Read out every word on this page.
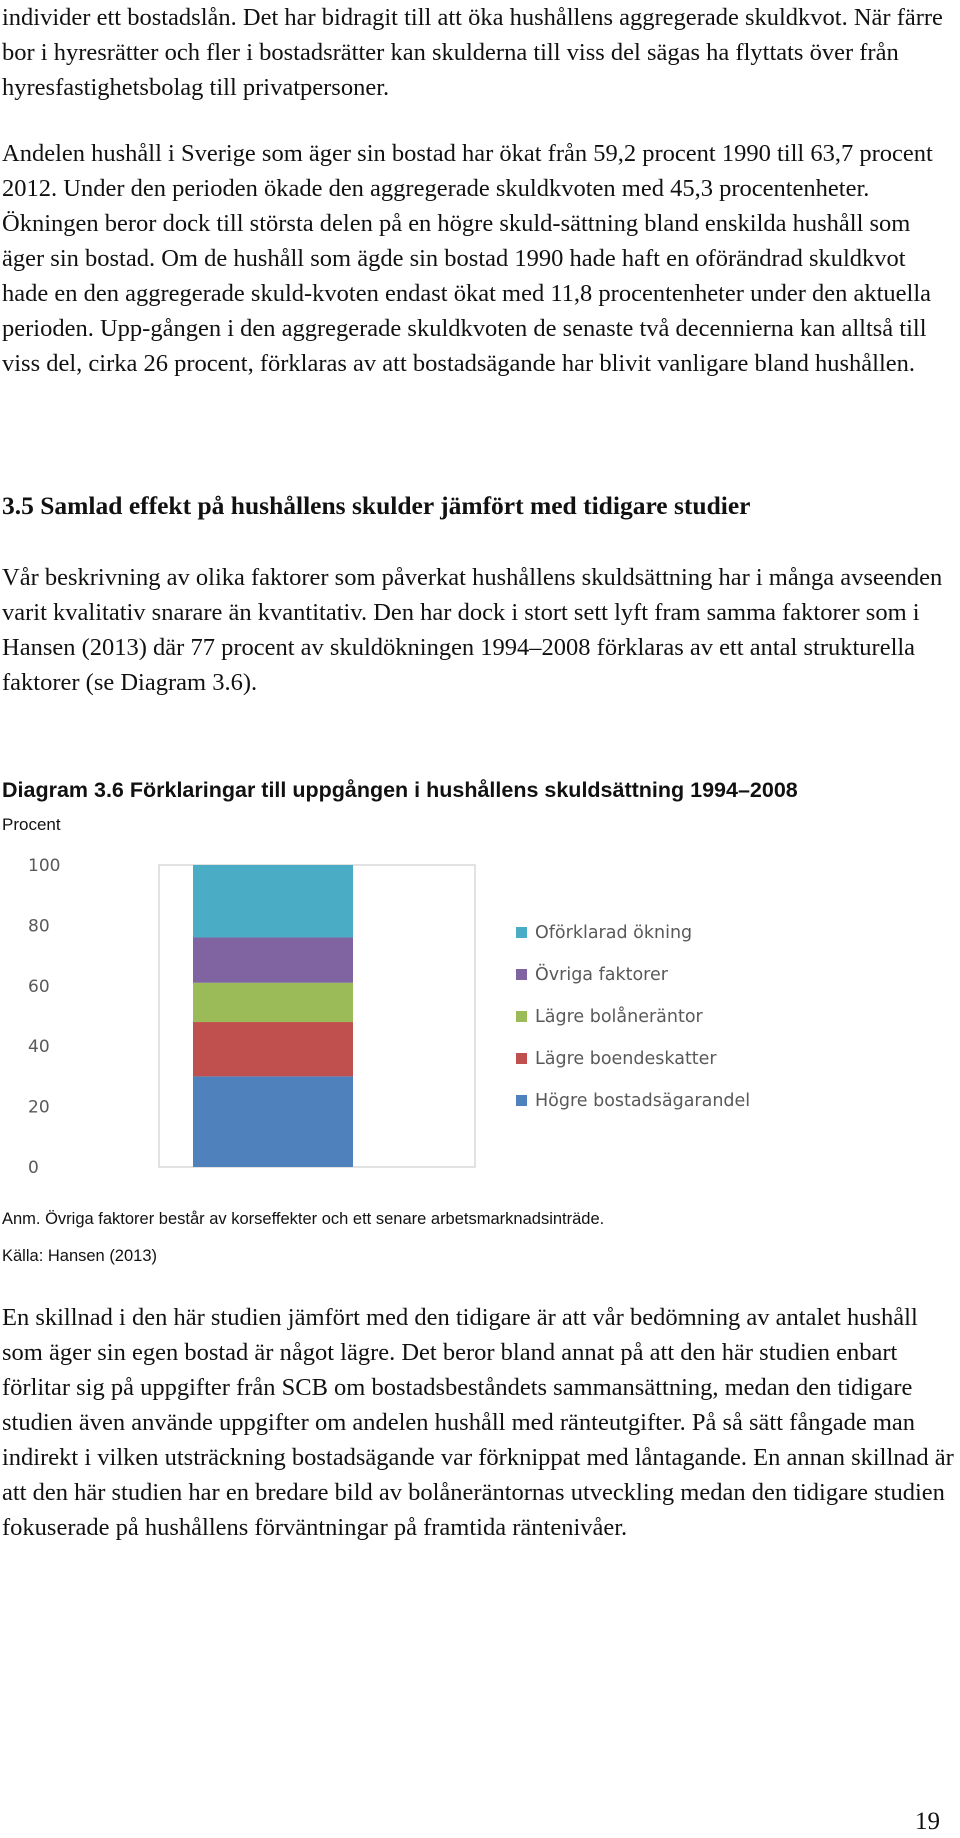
individer ett bostadslån. Det har bidragit till att öka hushållens aggregerade skuldkvot. När färre bor i hyresrätter och fler i bostadsrätter kan skulderna till viss del sägas ha flyttats över från hyresfastighetsbolag till privatpersoner.

Andelen hushåll i Sverige som äger sin bostad har ökat från 59,2 procent 1990 till 63,7 procent 2012. Under den perioden ökade den aggregerade skuldkvoten med 45,3 procentenheter. Ökningen beror dock till största delen på en högre skuld-sättning bland enskilda hushåll som äger sin bostad. Om de hushåll som ägde sin bostad 1990 hade haft en oförändrad skuldkvot hade en den aggregerade skuld-kvoten endast ökat med 11,8 procentenheter under den aktuella perioden. Upp-gången i den aggregerade skuldkvoten de senaste två decennierna kan alltså till viss del, cirka 26 procent, förklaras av att bostadsägande har blivit vanligare bland hushållen.

3.5 Samlad effekt på hushållens skulder jämfört med tidigare studier

Vår beskrivning av olika faktorer som påverkat hushållens skuldsättning har i många avseenden varit kvalitativ snarare än kvantitativ. Den har dock i stort sett lyft fram samma faktorer som i Hansen (2013) där 77 procent av skuldökningen 1994–2008 förklaras av ett antal strukturella faktorer (se Diagram 3.6).

Diagram 3.6 Förklaringar till uppgången i hushållens skuldsättning 1994–2008
Procent
0
20
40
60
80
100
Oförklarad ökning
Övriga faktorer
Lägre bolåneräntor
Lägre boendeskatter
Högre bostadsägarandel
Anm. Övriga faktorer består av korseffekter och ett senare arbetsmarknadsinträde.
Källa: Hansen (2013)

En skillnad i den här studien jämfört med den tidigare är att vår bedömning av antalet hushåll som äger sin egen bostad är något lägre. Det beror bland annat på att den här studien enbart förlitar sig på uppgifter från SCB om bostadsbeståndets sammansättning, medan den tidigare studien även använde uppgifter om andelen hushåll med ränteutgifter. På så sätt fångade man indirekt i vilken utsträckning bostadsägande var förknippat med låntagande. En annan skillnad är att den här studien har en bredare bild av bolåneräntornas utveckling medan den tidigare studien fokuserade på hushållens förväntningar på framtida räntenivåer.

19
